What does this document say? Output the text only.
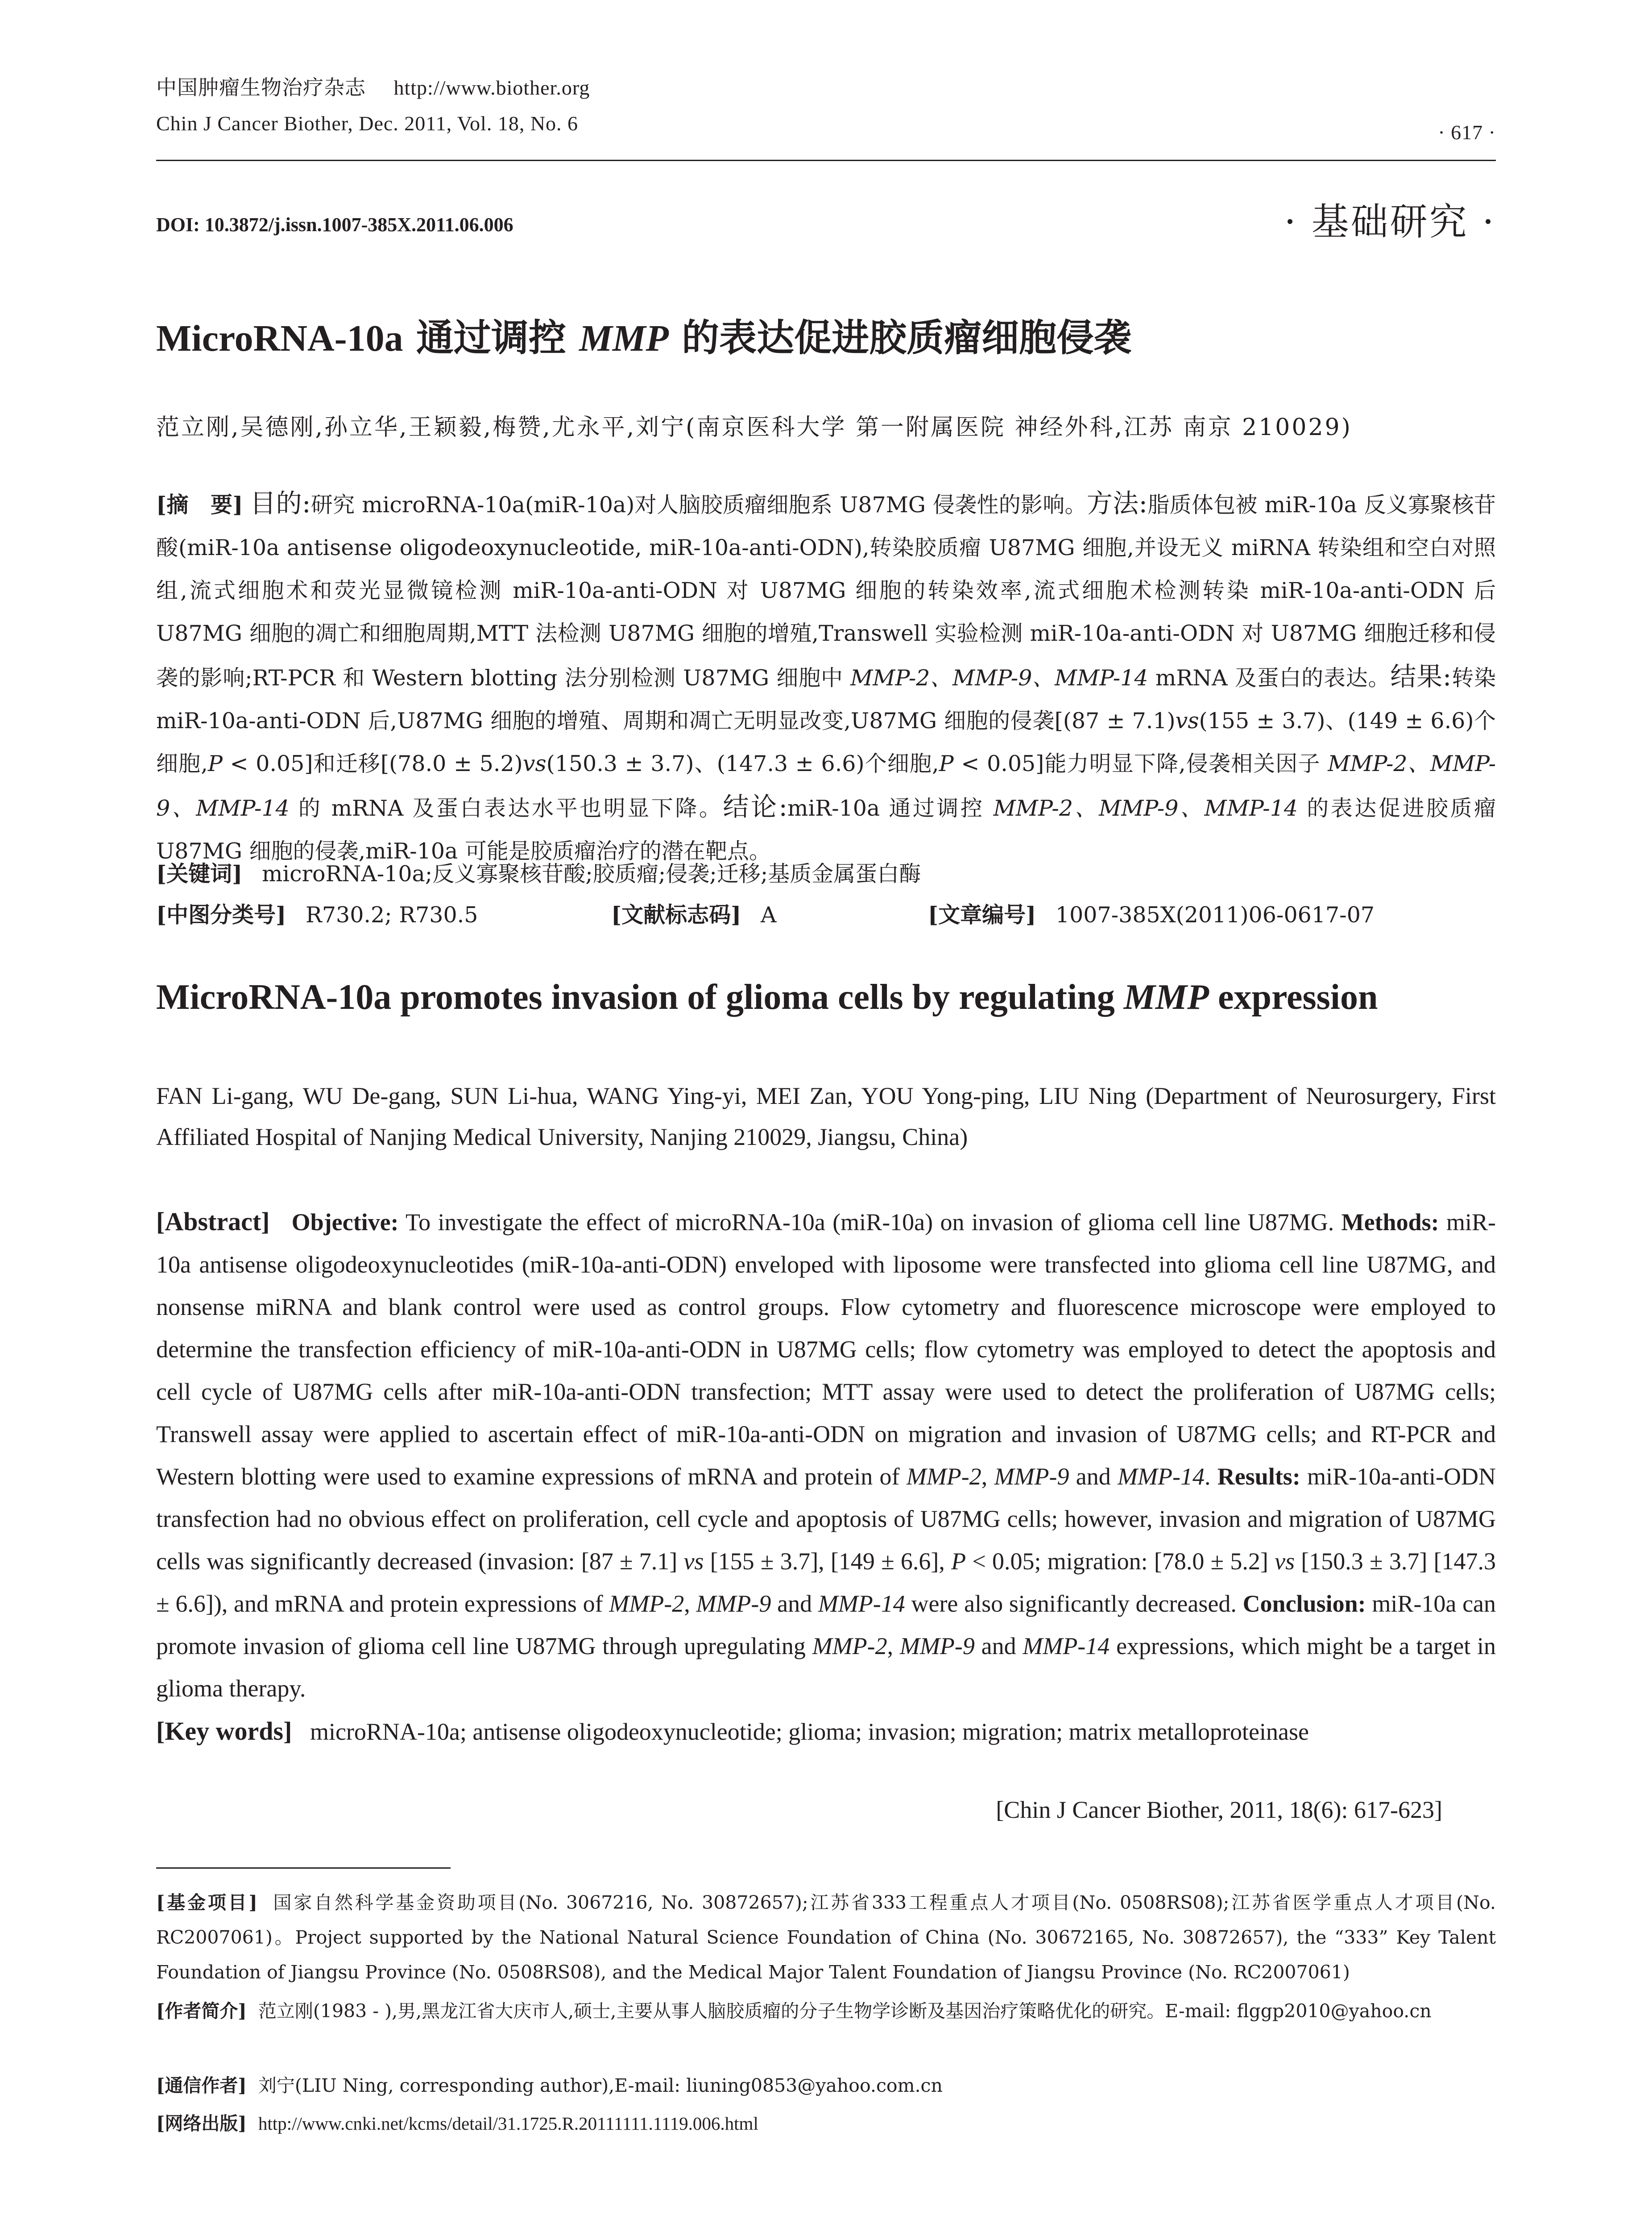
中国肿瘤生物治疗杂志 http://www.biother.org
Chin J Cancer Biother, Dec. 2011, Vol. 18, No. 6	· 617 ·
DOI: 10.3872/j.issn.1007-385X.2011.06.006	· 基础研究 ·
MicroRNA-10a 通过调控 MMP 的表达促进胶质瘤细胞侵袭
范立刚,吴德刚,孙立华,王颖毅,梅赞,尤永平,刘宁(南京医科大学 第一附属医院 神经外科,江苏 南京 210029)
[摘　要] 目的:研究 microRNA-10a(miR-10a)对人脑胶质瘤细胞系 U87MG 侵袭性的影响。方法:脂质体包被 miR-10a 反义寡聚核苷酸(miR-10a antisense oligodeoxynucleotide, miR-10a-anti-ODN),转染胶质瘤 U87MG 细胞,并设无义 miRNA 转染组和空白对照组,流式细胞术和荧光显微镜检测 miR-10a-anti-ODN 对 U87MG 细胞的转染效率,流式细胞术检测转染 miR-10a-anti-ODN 后 U87MG 细胞的凋亡和细胞周期,MTT 法检测 U87MG 细胞的增殖,Transwell 实验检测 miR-10a-anti-ODN 对 U87MG 细胞迁移和侵袭的影响;RT-PCR 和 Western blotting 法分别检测 U87MG 细胞中 MMP-2、MMP-9、MMP-14 mRNA 及蛋白的表达。结果:转染 miR-10a-anti-ODN 后,U87MG 细胞的增殖、周期和凋亡无明显改变,U87MG 细胞的侵袭[(87 ± 7.1)vs(155 ± 3.7)、(149 ± 6.6)个细胞,P < 0.05]和迁移[(78.0 ± 5.2)vs(150.3 ± 3.7)、(147.3 ± 6.6)个细胞,P < 0.05]能力明显下降,侵袭相关因子 MMP-2、MMP-9、MMP-14 的 mRNA 及蛋白表达水平也明显下降。结论:miR-10a 通过调控 MMP-2、MMP-9、MMP-14 的表达促进胶质瘤 U87MG 细胞的侵袭,miR-10a 可能是胶质瘤治疗的潜在靶点。
[关键词] microRNA-10a;反义寡聚核苷酸;胶质瘤;侵袭;迁移;基质金属蛋白酶
[中图分类号] R730.2; R730.5	[文献标志码] A	[文章编号] 1007-385X(2011)06-0617-07
MicroRNA-10a promotes invasion of glioma cells by regulating MMP expression
FAN Li-gang, WU De-gang, SUN Li-hua, WANG Ying-yi, MEI Zan, YOU Yong-ping, LIU Ning (Department of Neurosurgery, First Affiliated Hospital of Nanjing Medical University, Nanjing 210029, Jiangsu, China)
[Abstract] Objective: To investigate the effect of microRNA-10a (miR-10a) on invasion of glioma cell line U87MG. Methods: miR-10a antisense oligodeoxynucleotides (miR-10a-anti-ODN) enveloped with liposome were transfected into glioma cell line U87MG, and nonsense miRNA and blank control were used as control groups. Flow cytometry and fluorescence microscope were employed to determine the transfection efficiency of miR-10a-anti-ODN in U87MG cells; flow cytometry was employed to detect the apoptosis and cell cycle of U87MG cells after miR-10a-anti-ODN transfection; MTT assay were used to detect the proliferation of U87MG cells; Transwell assay were applied to ascertain effect of miR-10a-anti-ODN on migration and invasion of U87MG cells; and RT-PCR and Western blotting were used to examine expressions of mRNA and protein of MMP-2, MMP-9 and MMP-14. Results: miR-10a-anti-ODN transfection had no obvious effect on proliferation, cell cycle and apoptosis of U87MG cells; however, invasion and migration of U87MG cells was significantly decreased (invasion: [87 ± 7.1] vs [155 ± 3.7], [149 ± 6.6], P < 0.05; migration: [78.0 ± 5.2] vs [150.3 ± 3.7] [147.3 ± 6.6]), and mRNA and protein expressions of MMP-2, MMP-9 and MMP-14 were also significantly decreased. Conclusion: miR-10a can promote invasion of glioma cell line U87MG through upregulating MMP-2, MMP-9 and MMP-14 expressions, which might be a target in glioma therapy.
[Key words] microRNA-10a; antisense oligodeoxynucleotide; glioma; invasion; migration; matrix metalloproteinase
[Chin J Cancer Biother, 2011, 18(6): 617-623]
[基金项目] 国家自然科学基金资助项目(No. 3067216, No. 30872657);江苏省333工程重点人才项目(No. 0508RS08);江苏省医学重点人才项目(No. RC2007061)。Project supported by the National Natural Science Foundation of China (No. 30672165, No. 30872657), the “333” Key Talent Foundation of Jiangsu Province (No. 0508RS08), and the Medical Major Talent Foundation of Jiangsu Province (No. RC2007061)
[作者简介] 范立刚(1983 - ),男,黑龙江省大庆市人,硕士,主要从事人脑胶质瘤的分子生物学诊断及基因治疗策略优化的研究。E-mail: flggp2010@yahoo.cn
[通信作者] 刘宁(LIU Ning, corresponding author),E-mail: liuning0853@yahoo.com.cn
[网络出版] http://www.cnki.net/kcms/detail/31.1725.R.20111111.1119.006.html
